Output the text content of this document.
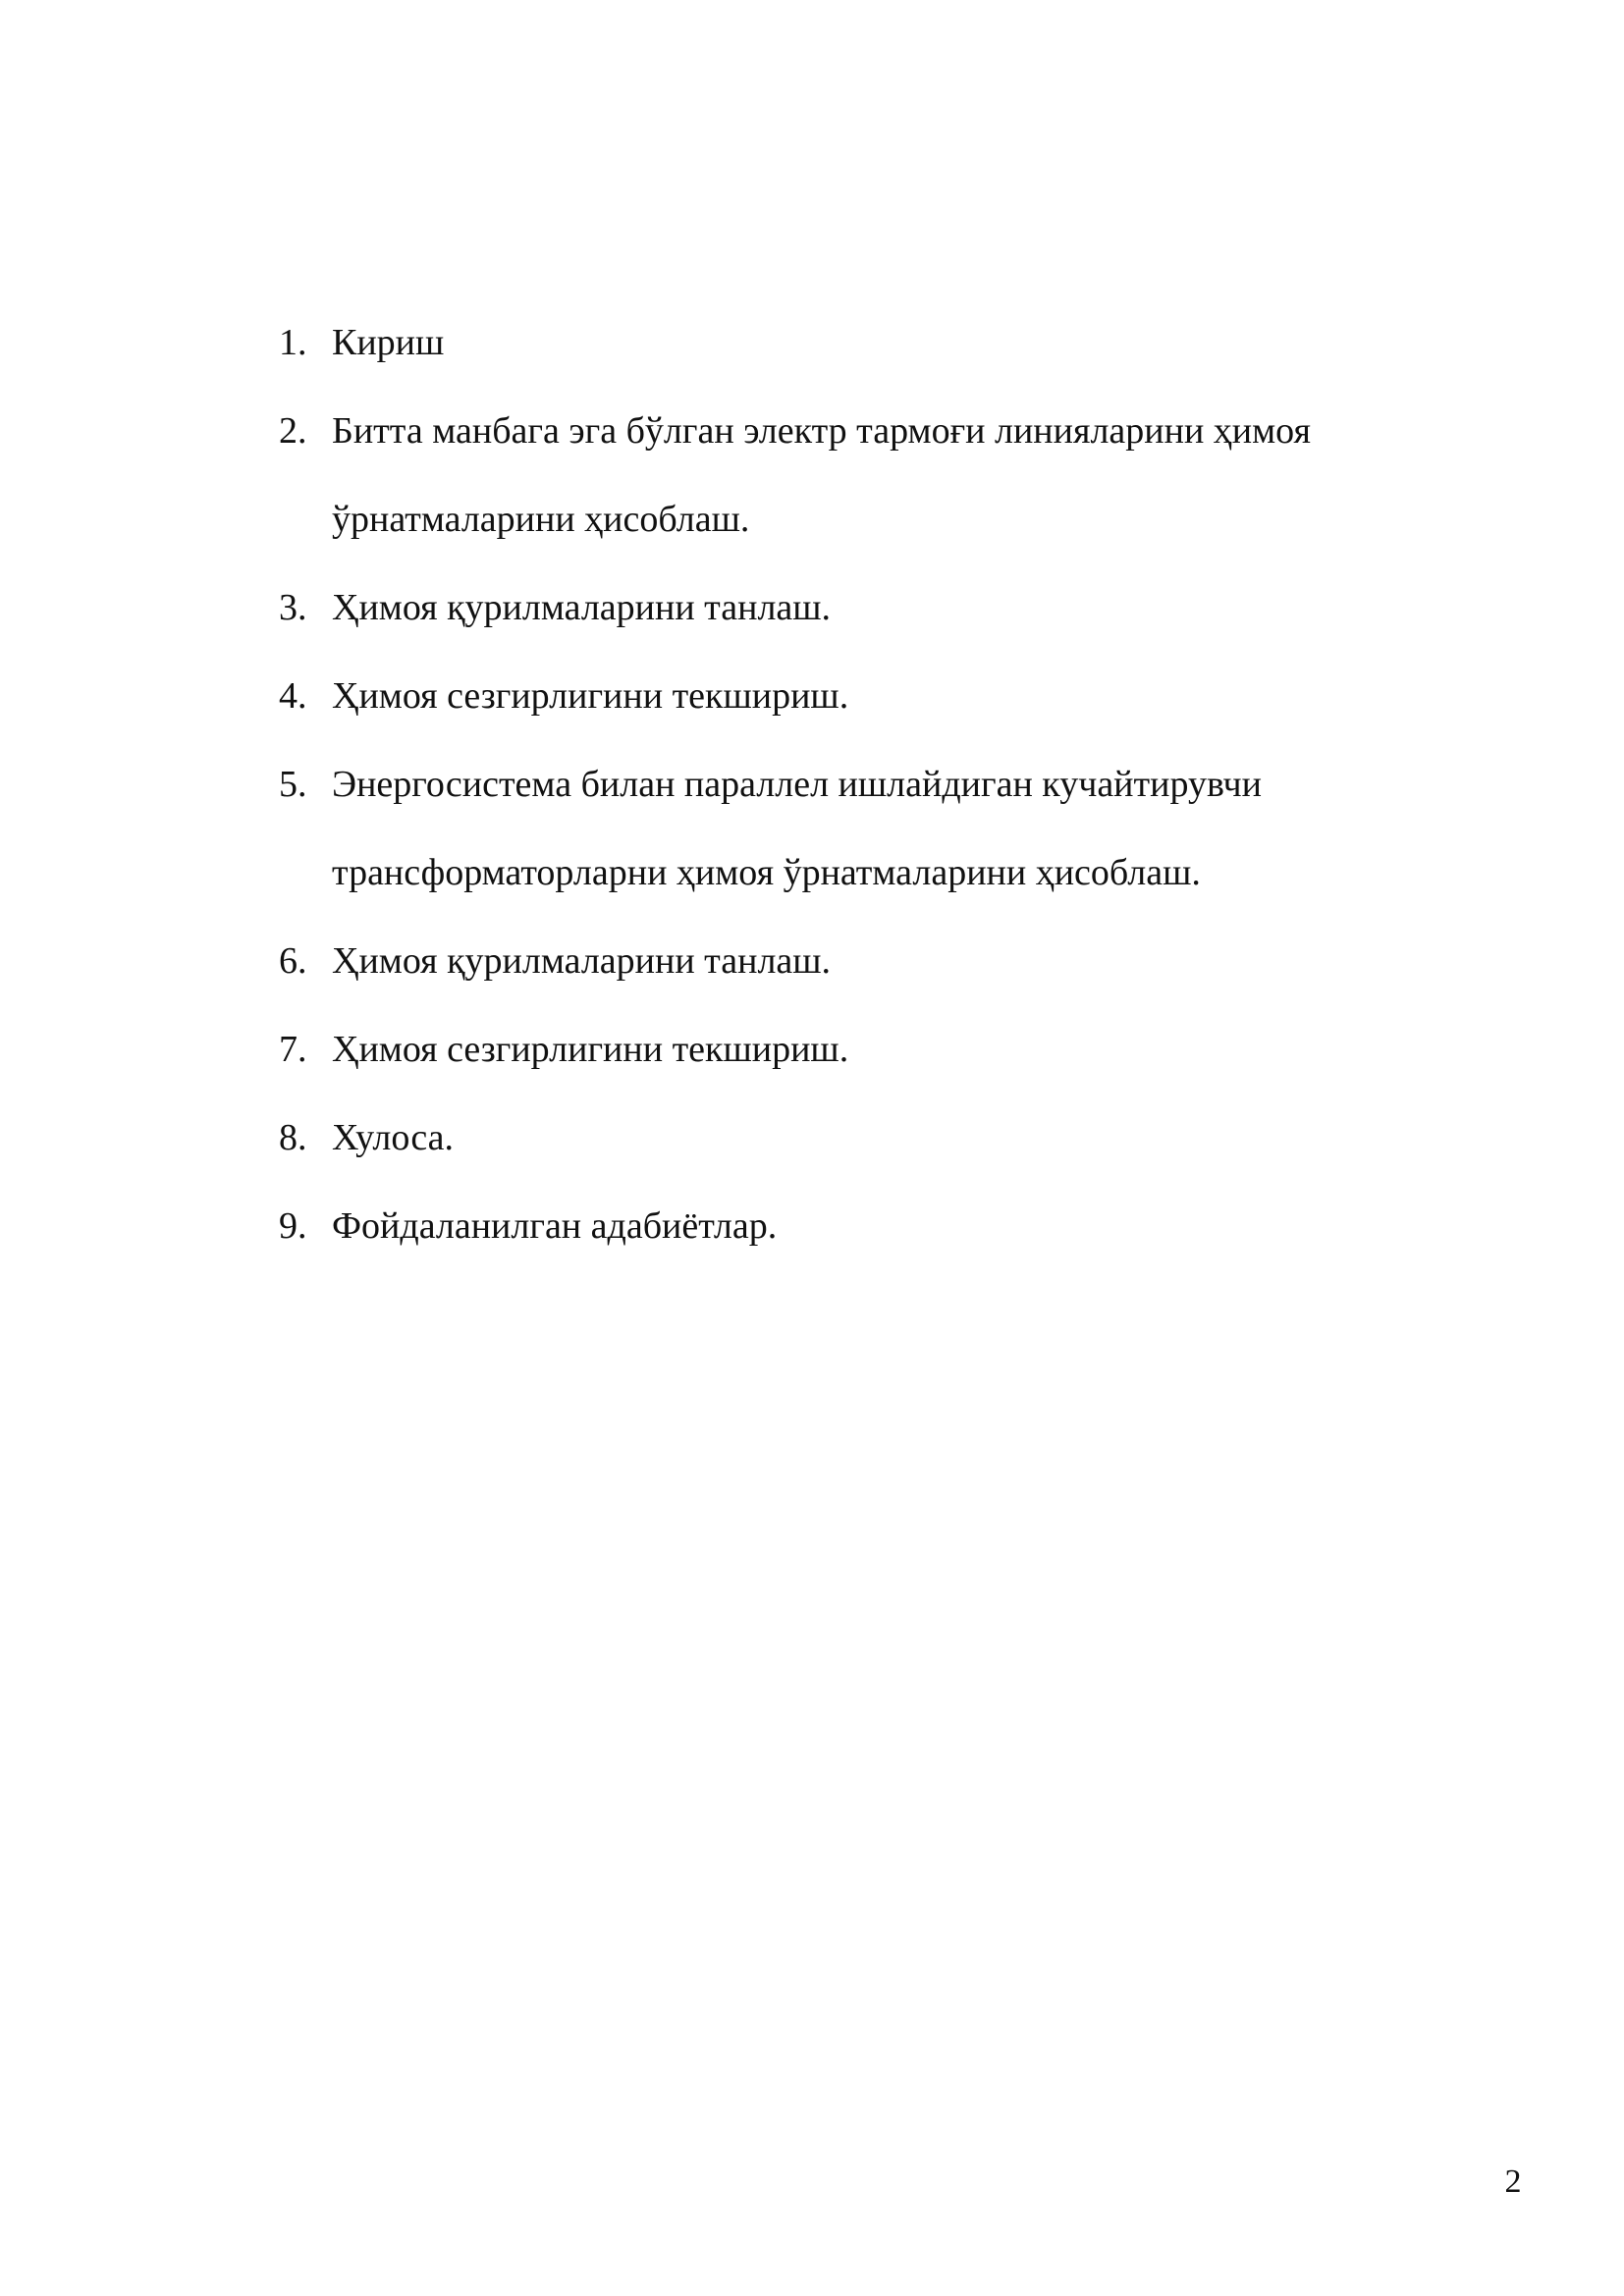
1. Кириш
2. Битта манбага эга бўлган электр тармоғи линияларини ҳимоя ўрнатмаларини ҳисоблаш.
3. Ҳимоя қурилмаларини танлаш.
4. Ҳимоя сезгирлигини текшириш.
5. Энергосистема билан параллел ишлайдиган кучайтирувчи трансформаторларни ҳимоя ўрнатмаларини ҳисоблаш.
6. Ҳимоя қурилмаларини танлаш.
7. Ҳимоя сезгирлигини текшириш.
8. Хулоса.
9. Фойдаланилган адабиётлар.
2
